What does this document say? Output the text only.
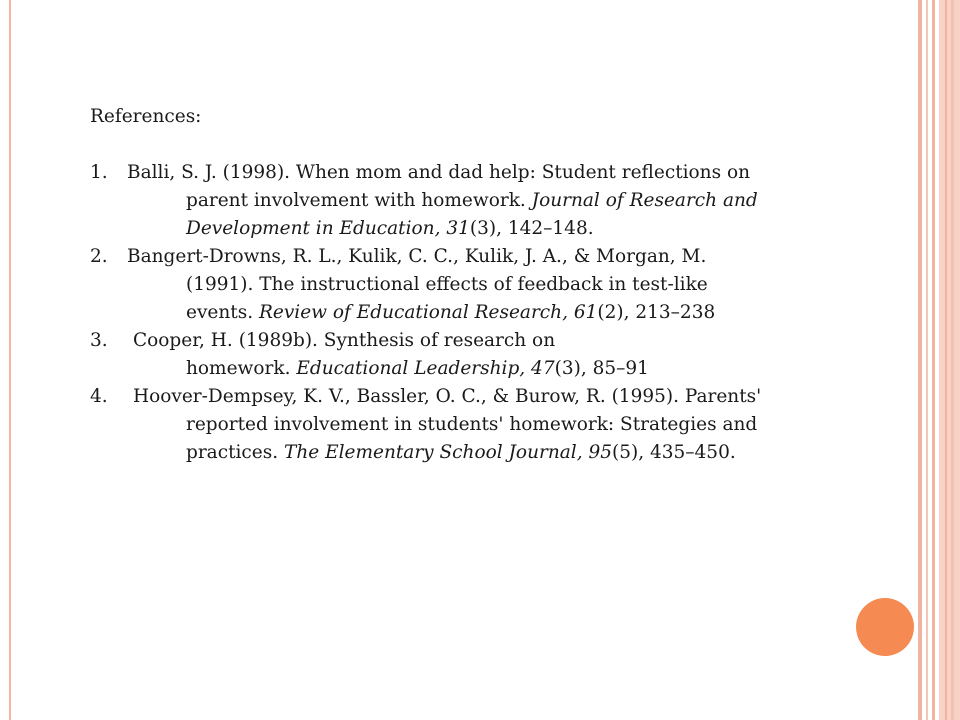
References:
1.	Balli, S. J. (1998). When mom and dad help: Student reflections on
parent involvement with homework. Journal of Research and
Development in Education, 31(3), 142–148.
2.	Bangert-Drowns, R. L., Kulik, C. C., Kulik, J. A., & Morgan, M.
(1991). The instructional effects of feedback in test-like
events. Review of Educational Research, 61(2), 213–238
3.	Cooper, H. (1989b). Synthesis of research on
homework. Educational Leadership, 47(3), 85–91
4.	Hoover-Dempsey, K. V., Bassler, O. C., & Burow, R. (1995). Parents'
reported involvement in students' homework: Strategies and
practices. The Elementary School Journal, 95(5), 435–450.
